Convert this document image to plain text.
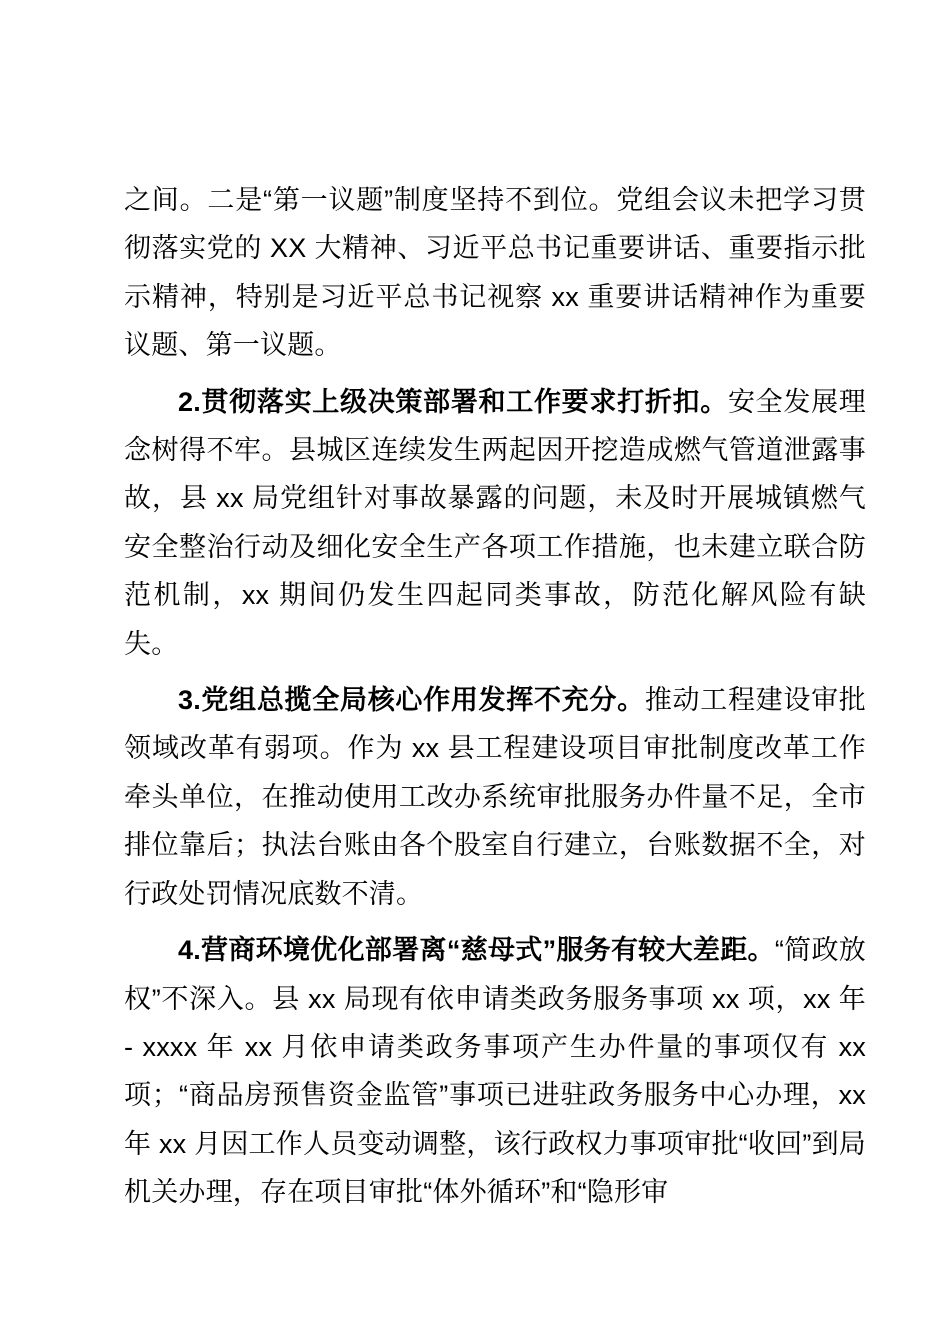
之间。二是“第一议题”制度坚持不到位。党组会议未把学习贯彻落实党的 XX 大精神、习近平总书记重要讲话、重要指示批示精神，特别是习近平总书记视察 xx 重要讲话精神作为重要议题、第一议题。

2.贯彻落实上级决策部署和工作要求打折扣。安全发展理念树得不牢。县城区连续发生两起因开挖造成燃气管道泄露事故，县 xx 局党组针对事故暴露的问题，未及时开展城镇燃气安全整治行动及细化安全生产各项工作措施，也未建立联合防范机制，xx 期间仍发生四起同类事故，防范化解风险有缺失。

3.党组总揽全局核心作用发挥不充分。推动工程建设审批领域改革有弱项。作为 xx 县工程建设项目审批制度改革工作牵头单位，在推动使用工改办系统审批服务办件量不足，全市排位靠后；执法台账由各个股室自行建立，台账数据不全，对行政处罚情况底数不清。

4.营商环境优化部署离“慈母式”服务有较大差距。“简政放权”不深入。县 xx 局现有依申请类政务服务事项 xx 项，xx 年 - xxxx 年 xx 月依申请类政务事项产生办件量的事项仅有 xx 项；“商品房预售资金监管”事项已进驻政务服务中心办理，xx 年 xx 月因工作人员变动调整，该行政权力事项审批“收回”到局机关办理，存在项目审批“体外循环”和“隐形审
